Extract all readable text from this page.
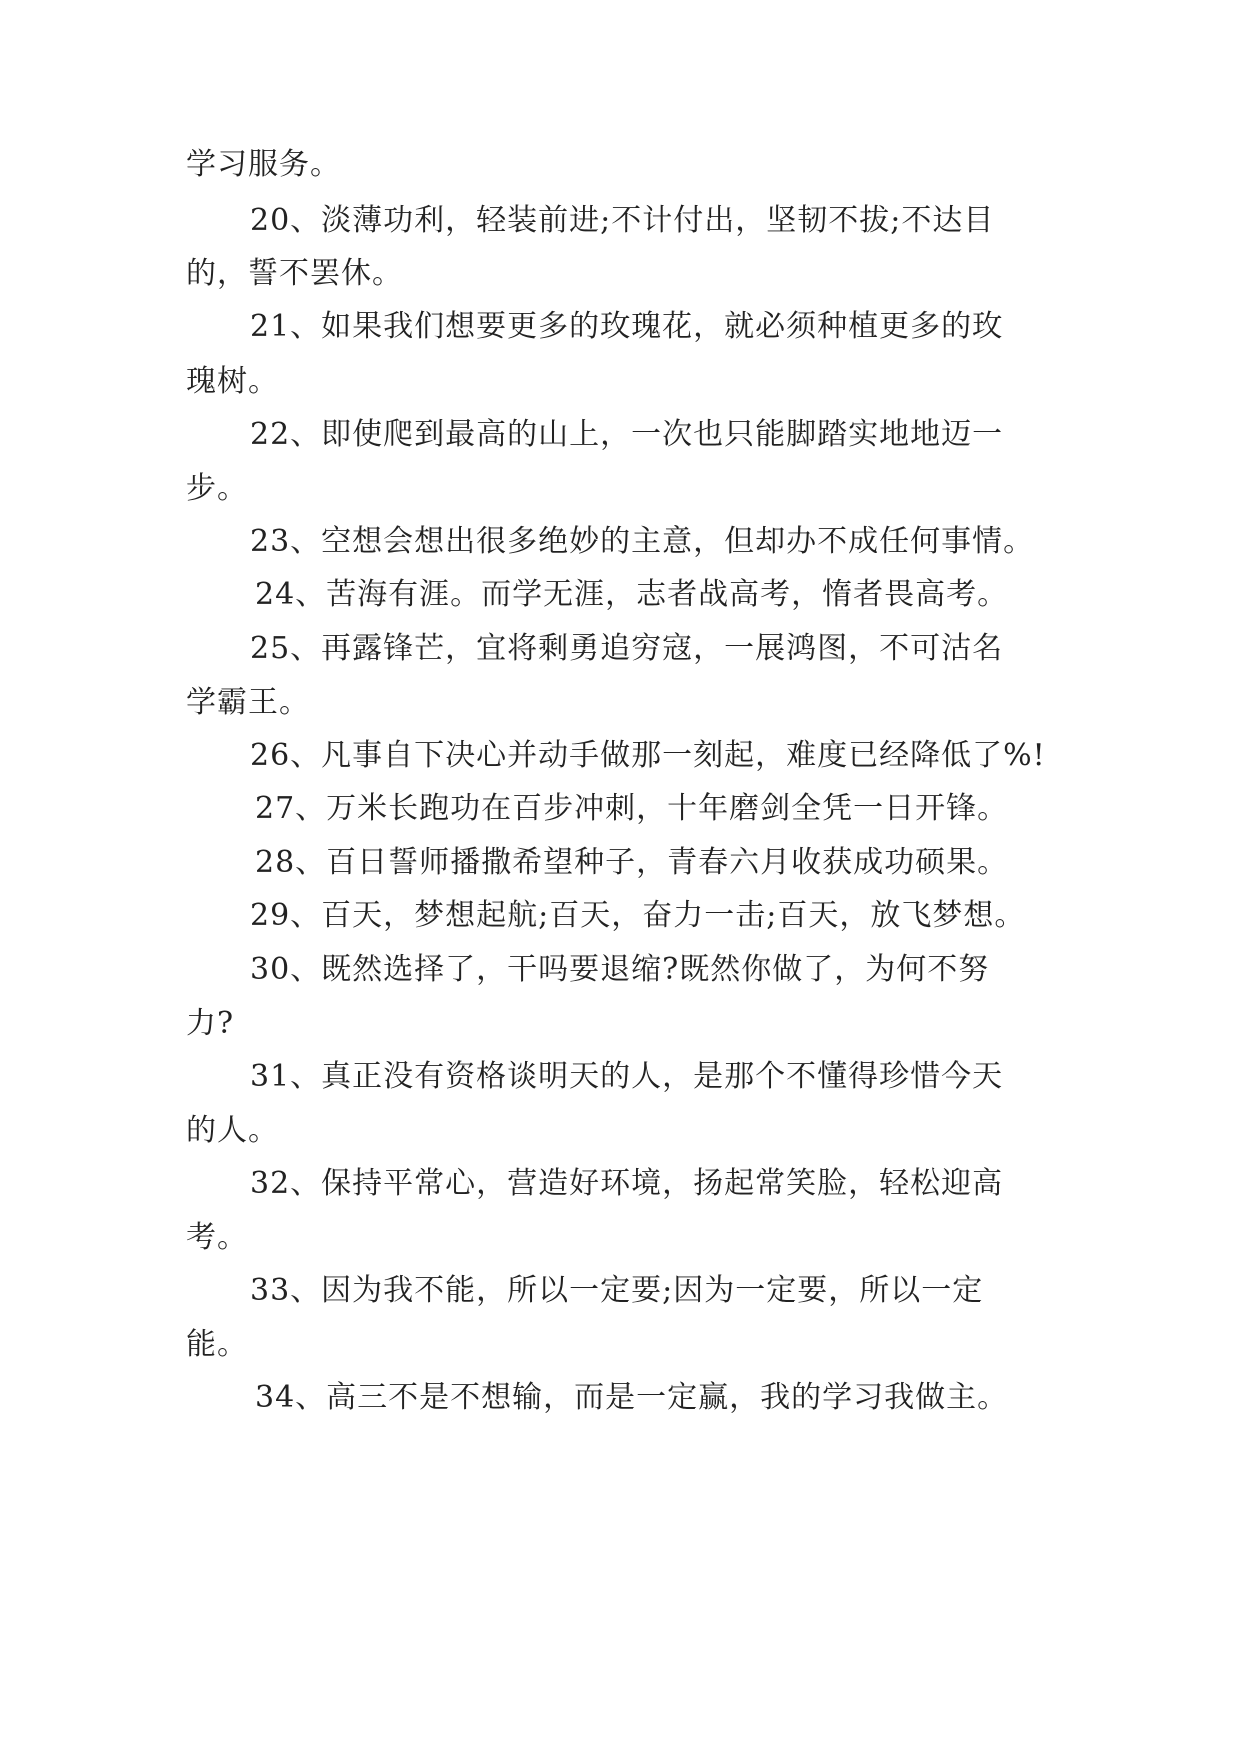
学习服务。
20、淡薄功利，轻装前进;不计付出，坚韧不拔;不达目
的，誓不罢休。
21、如果我们想要更多的玫瑰花，就必须种植更多的玫
瑰树。
22、即使爬到最高的山上，一次也只能脚踏实地地迈一
步。
23、空想会想出很多绝妙的主意，但却办不成任何事情。
24、苦海有涯。而学无涯，志者战高考，惰者畏高考。
25、再露锋芒，宜将剩勇追穷寇，一展鸿图，不可沽名
学霸王。
26、凡事自下决心并动手做那一刻起，难度已经降低了%!
27、万米长跑功在百步冲刺，十年磨剑全凭一日开锋。
28、百日誓师播撒希望种子，青春六月收获成功硕果。
29、百天，梦想起航;百天，奋力一击;百天，放飞梦想。
30、既然选择了，干吗要退缩?既然你做了，为何不努
力?
31、真正没有资格谈明天的人，是那个不懂得珍惜今天
的人。
32、保持平常心，营造好环境，扬起常笑脸，轻松迎高
考。
33、因为我不能，所以一定要;因为一定要，所以一定
能。
34、高三不是不想输，而是一定赢，我的学习我做主。
